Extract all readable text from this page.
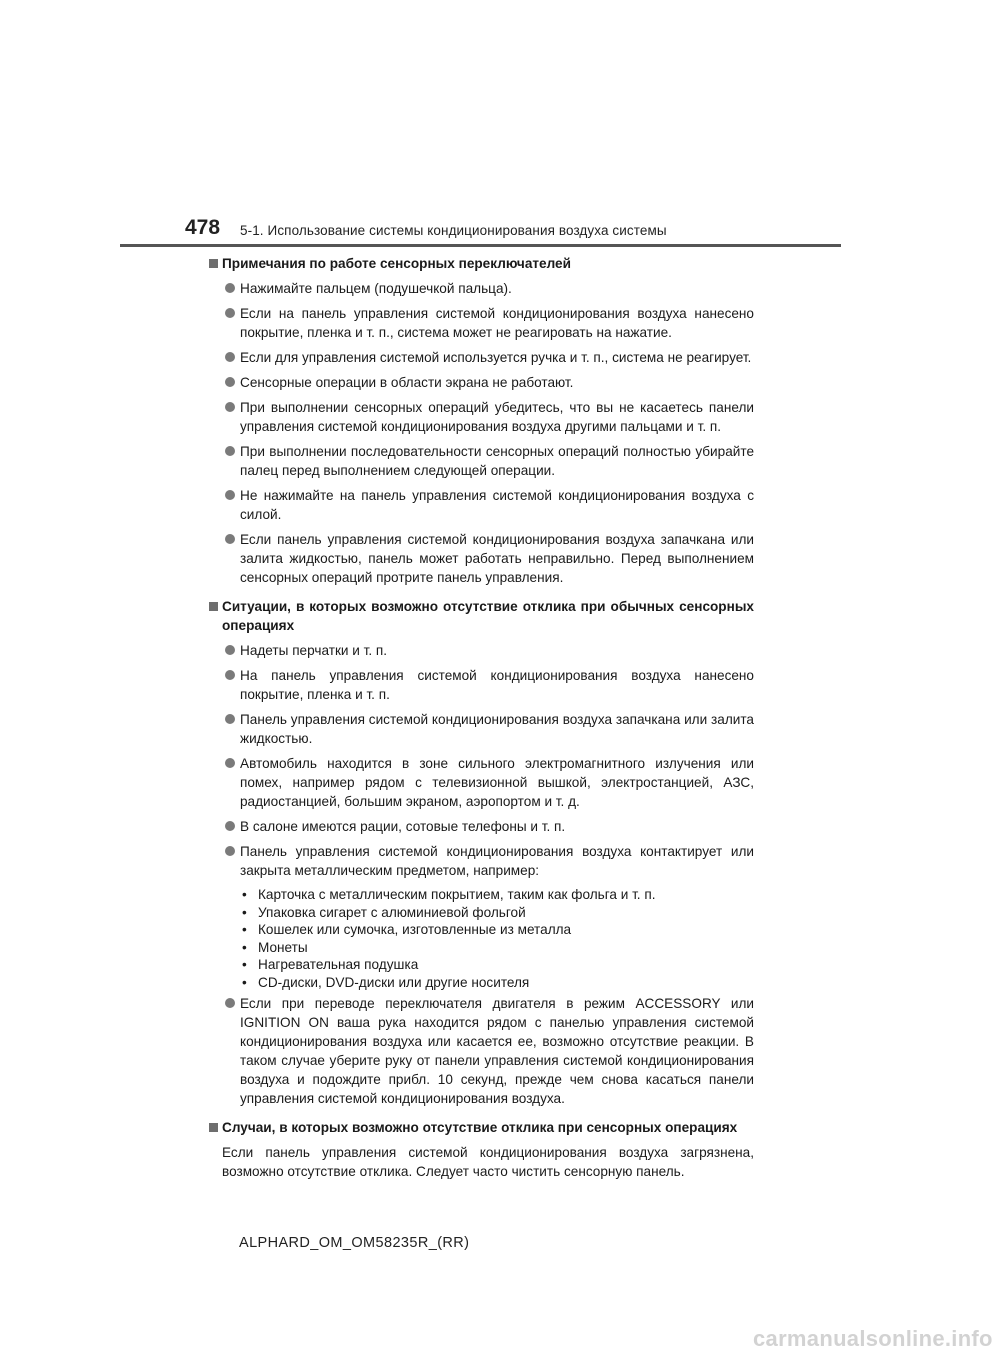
478 5-1. Использование системы кондиционирования воздуха системы
Примечания по работе сенсорных переключателей
Нажимайте пальцем (подушечкой пальца).
Если на панель управления системой кондиционирования воздуха нанесено покрытие, пленка и т. п., система может не реагировать на нажатие.
Если для управления системой используется ручка и т. п., система не реагирует.
Сенсорные операции в области экрана не работают.
При выполнении сенсорных операций убедитесь, что вы не касаетесь панели управления системой кондиционирования воздуха другими пальцами и т. п.
При выполнении последовательности сенсорных операций полностью убирайте палец перед выполнением следующей операции.
Не нажимайте на панель управления системой кондиционирования воздуха с силой.
Если панель управления системой кондиционирования воздуха запачкана или залита жидкостью, панель может работать неправильно. Перед выполнением сенсорных операций протрите панель управления.
Ситуации, в которых возможно отсутствие отклика при обычных сенсорных операциях
Надеты перчатки и т. п.
На панель управления системой кондиционирования воздуха нанесено покрытие, пленка и т. п.
Панель управления системой кондиционирования воздуха запачкана или залита жидкостью.
Автомобиль находится в зоне сильного электромагнитного излучения или помех, например рядом с телевизионной вышкой, электростанцией, АЗС, радиостанцией, большим экраном, аэропортом и т. д.
В салоне имеются рации, сотовые телефоны и т. п.
Панель управления системой кондиционирования воздуха контактирует или закрыта металлическим предметом, например:
• Карточка с металлическим покрытием, таким как фольга и т. п.
• Упаковка сигарет с алюминиевой фольгой
• Кошелек или сумочка, изготовленные из металла
• Монеты
• Нагревательная подушка
• CD-диски, DVD-диски или другие носителя
Если при переводе переключателя двигателя в режим ACCESSORY или IGNITION ON ваша рука находится рядом с панелью управления системой кондиционирования воздуха или касается ее, возможно отсутствие реакции. В таком случае уберите руку от панели управления системой кондиционирования воздуха и подождите прибл. 10 секунд, прежде чем снова касаться панели управления системой кондиционирования воздуха.
Случаи, в которых возможно отсутствие отклика при сенсорных операциях
Если панель управления системой кондиционирования воздуха загрязнена, возможно отсутствие отклика. Следует часто чистить сенсорную панель.
ALPHARD_OM_OM58235R_(RR)
carmanualsonline.info
